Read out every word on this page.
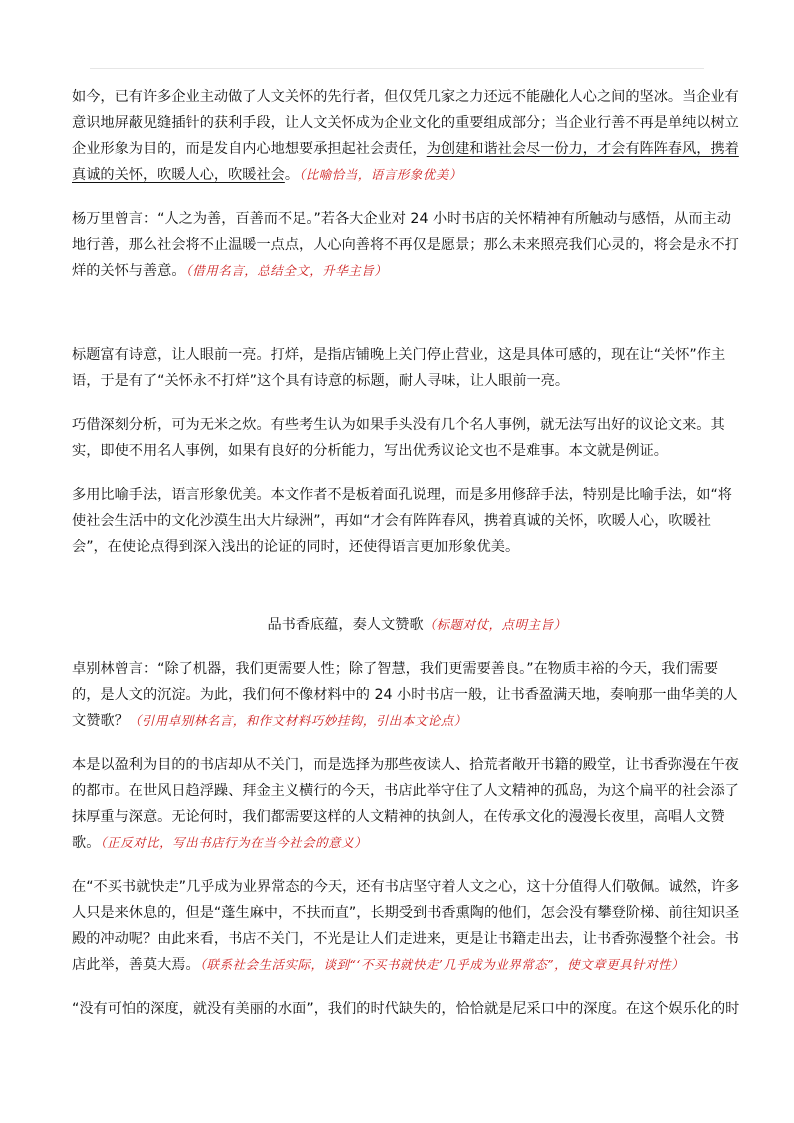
如今，已有许多企业主动做了人文关怀的先行者，但仅凭几家之力还远不能融化人心之间的坚冰。当企业有意识地屏蔽见缝插针的获利手段，让人文关怀成为企业文化的重要组成部分；当企业行善不再是单纯以树立企业形象为目的，而是发自内心地想要承担起社会责任，为创建和谐社会尽一份力，才会有阵阵春风，携着真诚的关怀，吹暖人心，吹暖社会。（比喻恰当，语言形象优美）

杨万里曾言：“人之为善，百善而不足。”若各大企业对 24 小时书店的关怀精神有所触动与感悟，从而主动地行善，那么社会将不止温暖一点点，人心向善将不再仅是愿景；那么未来照亮我们心灵的，将会是永不打烊的关怀与善意。（借用名言，总结全文，升华主旨）

标题富有诗意，让人眼前一亮。打烊，是指店铺晚上关门停止营业，这是具体可感的，现在让“关怀”作主语，于是有了“关怀永不打烊”这个具有诗意的标题，耐人寻味，让人眼前一亮。

巧借深刻分析，可为无米之炊。有些考生认为如果手头没有几个名人事例，就无法写出好的议论文来。其实，即使不用名人事例，如果有良好的分析能力，写出优秀议论文也不是难事。本文就是例证。

多用比喻手法，语言形象优美。本文作者不是板着面孔说理，而是多用修辞手法，特别是比喻手法，如“将使社会生活中的文化沙漠生出大片绿洲”，再如“才会有阵阵春风，携着真诚的关怀，吹暖人心，吹暖社会”，在使论点得到深入浅出的论证的同时，还使得语言更加形象优美。

品书香底蕴，奏人文赞歌（标题对仗，点明主旨）

卓别林曾言：“除了机器，我们更需要人性；除了智慧，我们更需要善良。”在物质丰裕的今天，我们需要的，是人文的沉淀。为此，我们何不像材料中的 24 小时书店一般，让书香盈满天地，奏响那一曲华美的人文赞歌？（引用卓别林名言，和作文材料巧妙挂钩，引出本文论点）

本是以盈利为目的的书店却从不关门，而是选择为那些夜读人、拾荒者敞开书籍的殿堂，让书香弥漫在午夜的都市。在世风日趋浮躁、拜金主义横行的今天，书店此举守住了人文精神的孤岛，为这个扁平的社会添了抹厚重与深意。无论何时，我们都需要这样的人文精神的执剑人，在传承文化的漫漫长夜里，高唱人文赞歌。（正反对比，写出书店行为在当今社会的意义）

在“不买书就快走”几乎成为业界常态的今天，还有书店坚守着人文之心，这十分值得人们敬佩。诚然，许多人只是来休息的，但是“蓬生麻中，不扶而直”，长期受到书香熏陶的他们，怎会没有攀登阶梯、前往知识圣殿的冲动呢？由此来看，书店不关门，不光是让人们走进来，更是让书籍走出去，让书香弥漫整个社会。书店此举，善莫大焉。（联系社会生活实际，谈到“‘不买书就快走’几乎成为业界常态”，使文章更具针对性）

“没有可怕的深度，就没有美丽的水面”，我们的时代缺失的，恰恰就是尼采口中的深度。在这个娱乐化的时
